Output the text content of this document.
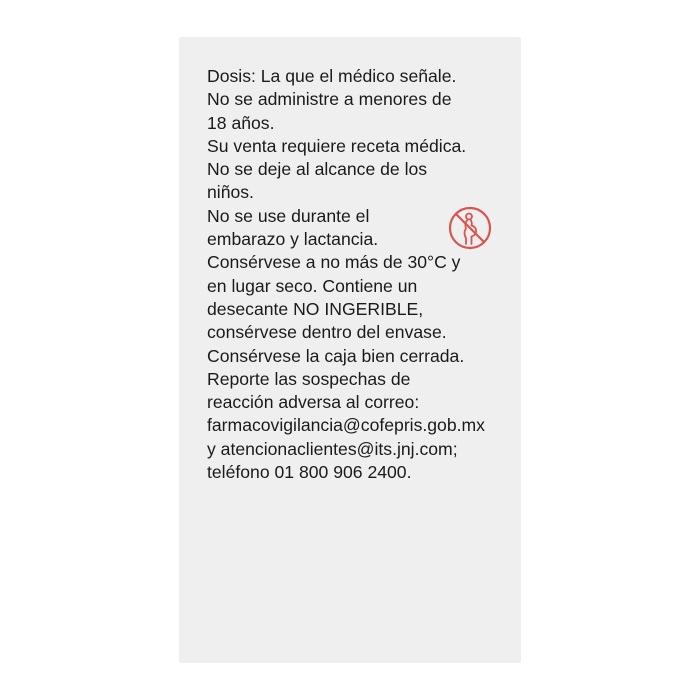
Dosis: La que el médico señale.
No se administre a menores de
18 años.
Su venta requiere receta médica.
No se deje al alcance de los
niños.
No se use durante el
embarazo y lactancia.
Consérvese a no más de 30°C y
en lugar seco. Contiene un
desecante NO INGERIBLE,
consérvese dentro del envase.
Consérvese la caja bien cerrada.
Reporte las sospechas de
reacción adversa al correo:
farmacovigilancia@cofepris.gob.mx
y atencionaclientes@its.jnj.com;
teléfono 01 800 906 2400.
